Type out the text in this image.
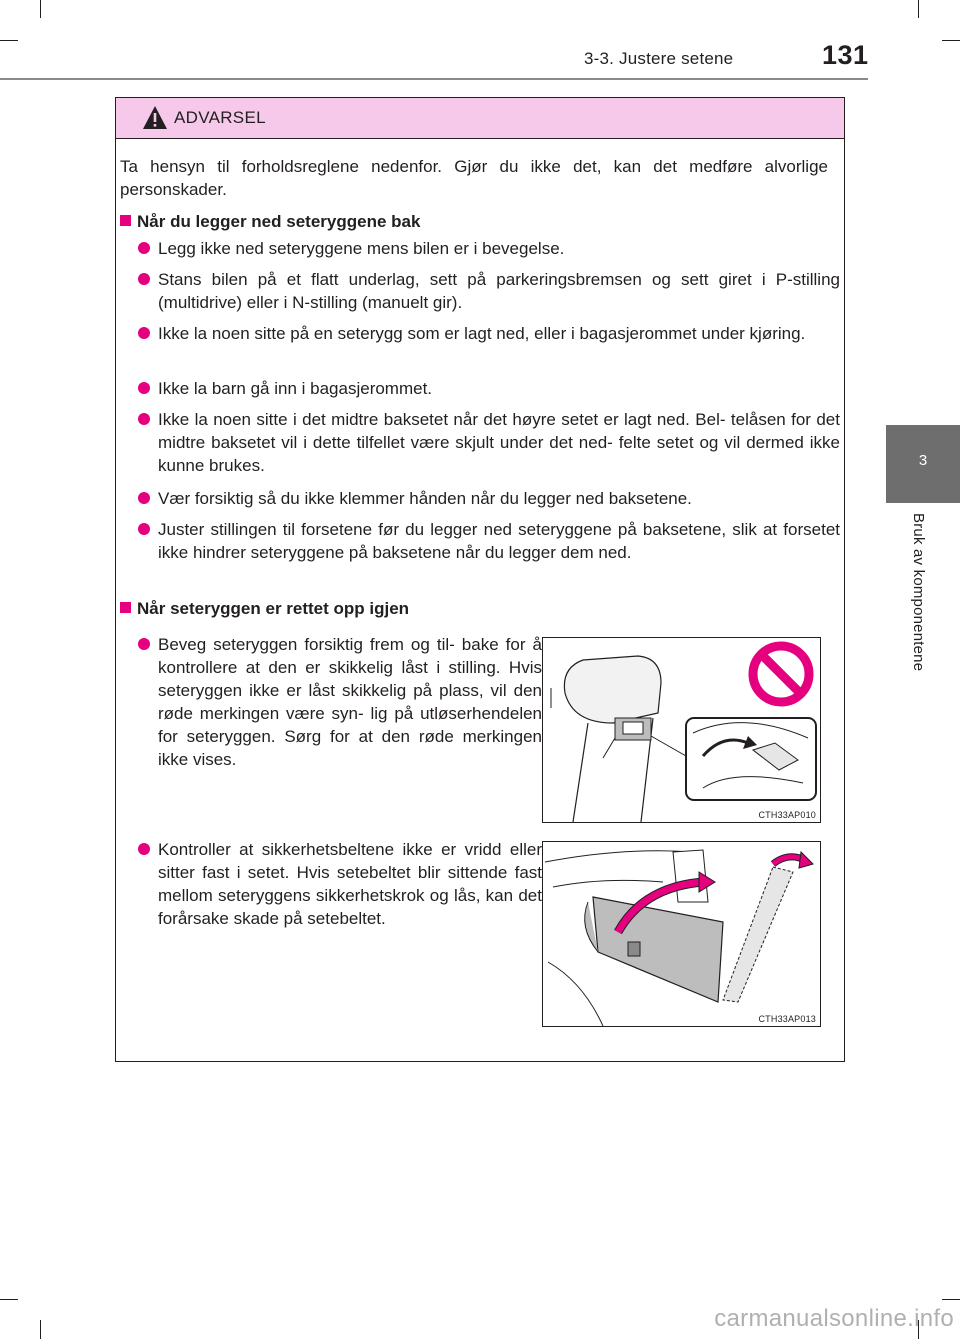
3-3. Justere setene	131
3
Bruk av komponentene
ADVARSEL
Ta hensyn til forholdsreglene nedenfor. Gjør du ikke det, kan det medføre alvorlige personskader.
Når du legger ned seteryggene bak
Legg ikke ned seteryggene mens bilen er i bevegelse.
Stans bilen på et flatt underlag, sett på parkeringsbremsen og sett giret i P-stilling (multidrive) eller i N-stilling (manuelt gir).
Ikke la noen sitte på en seterygg som er lagt ned, eller i bagasjerommet under kjøring.
Ikke la barn gå inn i bagasjerommet.
Ikke la noen sitte i det midtre baksetet når det høyre setet er lagt ned. Bel- telåsen for det midtre baksetet vil i dette tilfellet være skjult under det ned- felte setet og vil dermed ikke kunne brukes.
Vær forsiktig så du ikke klemmer hånden når du legger ned baksetene.
Juster stillingen til forsetene før du legger ned seteryggene på baksetene, slik at forsetet ikke hindrer seteryggene på baksetene når du legger dem ned.
Når seteryggen er rettet opp igjen
Beveg seteryggen forsiktig frem og til- bake for å kontrollere at den er skikkelig låst i stilling. Hvis seteryggen ikke er låst skikkelig på plass, vil den røde merkingen være syn- lig på utløserhendelen for seteryggen. Sørg for at den røde merkingen ikke vises.
Kontroller at sikkerhetsbeltene ikke er vridd eller sitter fast i setet. Hvis setebeltet blir sittende fast mellom seteryggens sikkerhetskrok og lås, kan det forårsake skade på setebeltet.
CTH33AP010
CTH33AP013
carmanualsonline.info
